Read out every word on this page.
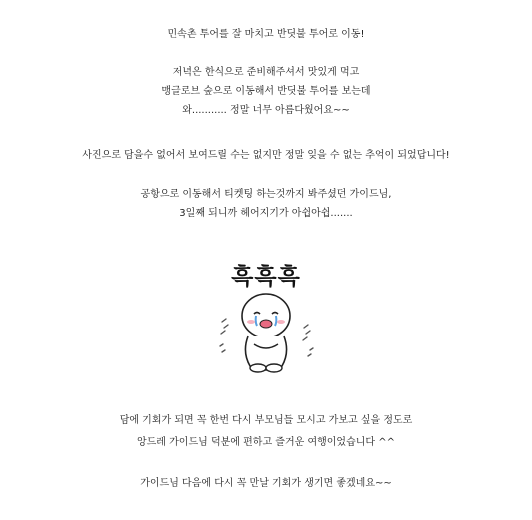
민속촌 투어를 잘 마치고 반딧불 투어로 이동!

저녁은 한식으로 준비해주셔서 맛있게 먹고

맹글로브 숲으로 이동해서 반딧불 투어를 보는데

와........... 정말 너무 아름다웠어요~~

사진으로 담을수 없어서 보여드릴 수는 없지만 정말 잊을 수 없는 추억이 되었답니다!

공항으로 이동해서 티켓팅 하는것까지 봐주셨던 가이드님,

3일째 되니까 헤어지기가 아쉽아쉽.......

흑흑흑

담에 기회가 되면 꼭 한번 다시 부모님들 모시고 가보고 싶을 정도로

앙드레 가이드님 덕분에 편하고 즐거운 여행이었습니다 ^^

가이드님 다음에 다시 꼭 만날 기회가 생기면 좋겠네요~~
